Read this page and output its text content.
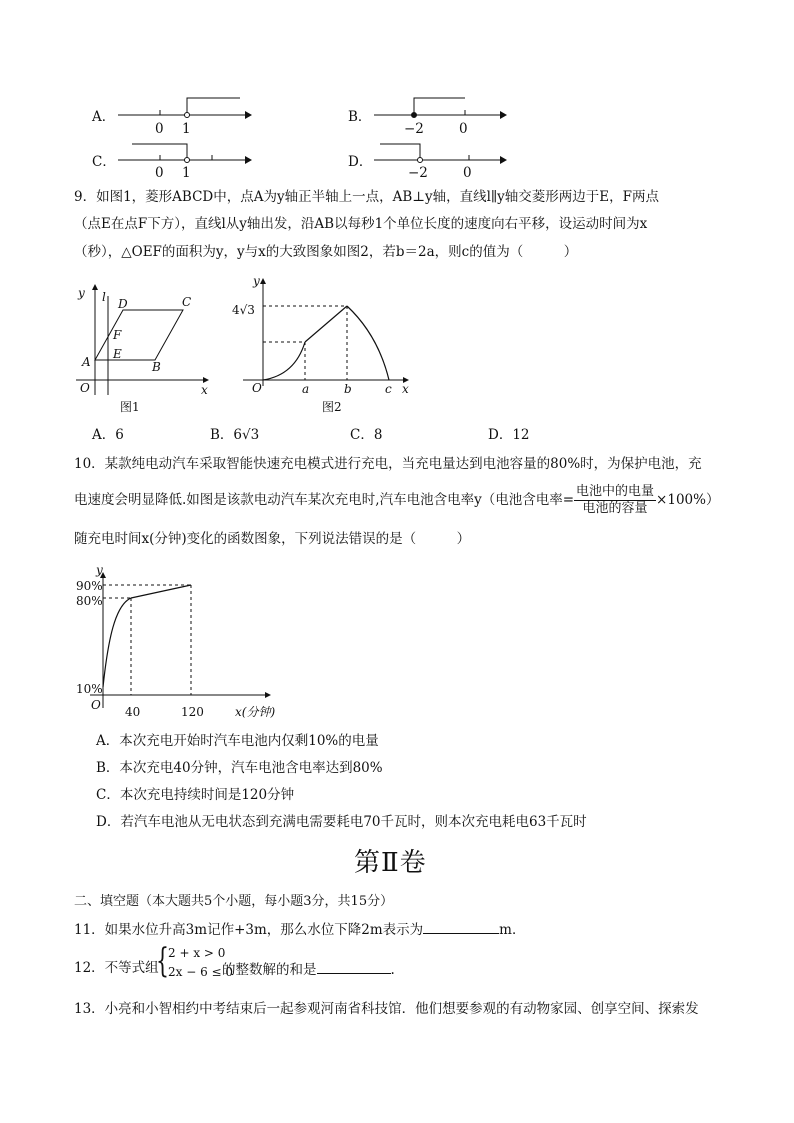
A．
0 1
B．
−2	0
C．
0 1
D．
−2	0
9．如图1，菱形ABCD中，点A为y轴正半轴上一点，AB⊥y轴，直线l∥y轴交菱形两边于E，F两点
（点E在点F下方），直线l从y轴出发，沿AB以每秒1个单位长度的速度向右平移，设运动时间为x
（秒），△OEF的面积为y，y与x的大致图象如图2，若b＝2a，则c的值为（　　　）
y l D	C
F
A
E
B
O	x
图1
y
4√3
O	a	b	c x
图2
A．6	B．6√3	C．8	D．12
10．某款纯电动汽车采取智能快速充电模式进行充电，当充电量达到电池容量的80%时，为保护电池，充
电速度会明显降低.如图是该款电动汽车某次充电时,汽车电池含电率y（电池含电率= $\frac{\text{电池中的电量}}{\text{电池的容量}} \times 100\%$）
随充电时间x(分钟)变化的函数图象，下列说法错误的是（　　　）
y
90%
80%
10%
O 40	120	x(分钟)
A．本次充电开始时汽车电池内仅剩10%的电量
B．本次充电40分钟，汽车电池含电率达到80%
C．本次充电持续时间是120分钟
D．若汽车电池从无电状态到充满电需要耗电70千瓦时，则本次充电耗电63千瓦时
第Ⅱ卷
二、填空题（本大题共5个小题，每小题3分，共15分）
11．如果水位升高3m记作+3m，那么水位下降2m表示为	m．
12．不等式组
{ 2 + x > 0
2x − 6 ≤ 0
的整数解的和是	.
13．小亮和小智相约中考结束后一起参观河南省科技馆．他们想要参观的有动物家园、创享空间、探索发
